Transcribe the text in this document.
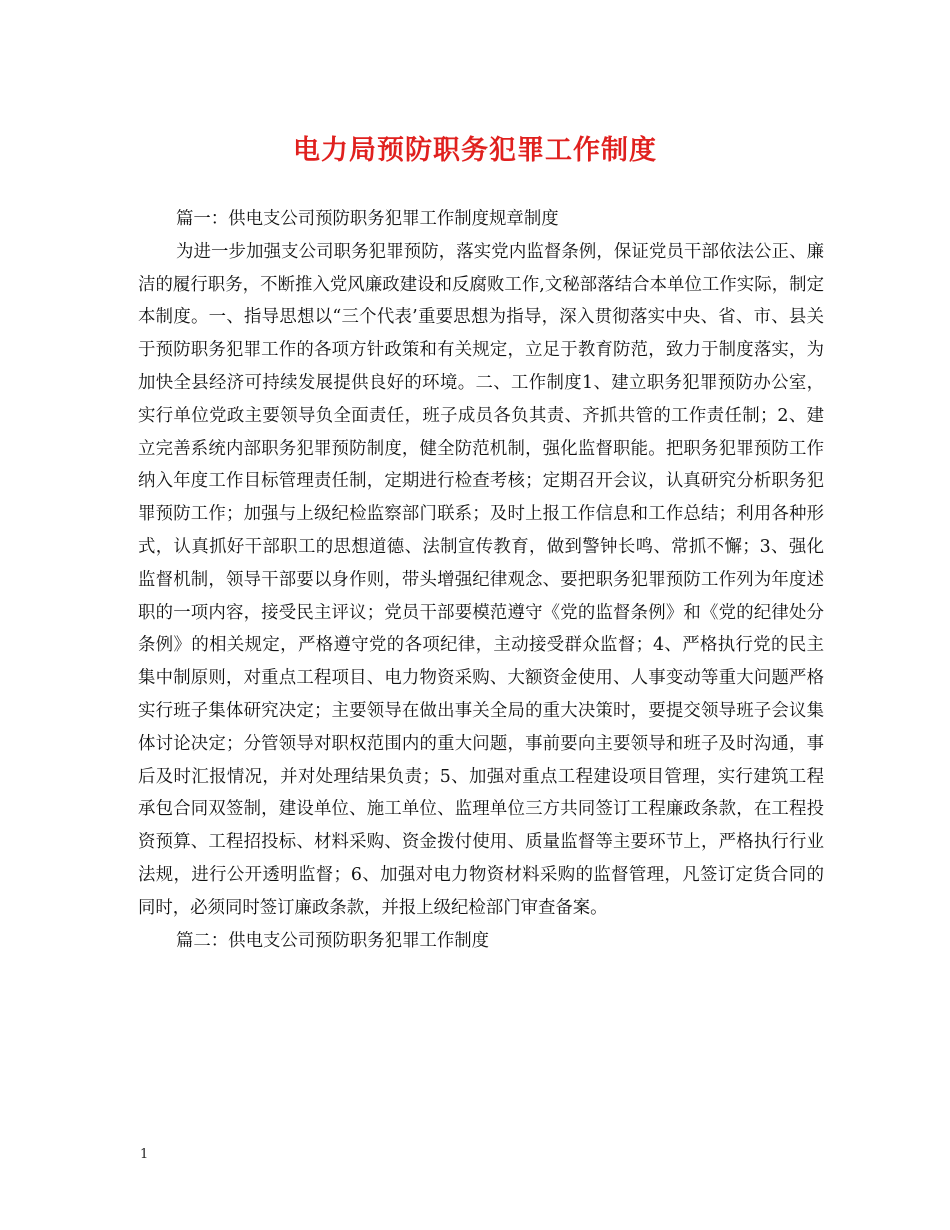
电力局预防职务犯罪工作制度

篇一：供电支公司预防职务犯罪工作制度规章制度

为进一步加强支公司职务犯罪预防，落实党内监督条例，保证党员干部依法公正、廉洁的履行职务，不断推入党风廉政建设和反腐败工作,文秘部落结合本单位工作实际，制定本制度。一、指导思想以“三个代表’重要思想为指导，深入贯彻落实中央、省、市、县关于预防职务犯罪工作的各项方针政策和有关规定，立足于教育防范，致力于制度落实，为加快全县经济可持续发展提供良好的环境。二、工作制度1、建立职务犯罪预防办公室，实行单位党政主要领导负全面责任，班子成员各负其责、齐抓共管的工作责任制；2、建立完善系统内部职务犯罪预防制度，健全防范机制，强化监督职能。把职务犯罪预防工作纳入年度工作目标管理责任制，定期进行检查考核；定期召开会议，认真研究分析职务犯罪预防工作；加强与上级纪检监察部门联系；及时上报工作信息和工作总结；利用各种形式，认真抓好干部职工的思想道德、法制宣传教育，做到警钟长鸣、常抓不懈；3、强化监督机制，领导干部要以身作则，带头增强纪律观念、要把职务犯罪预防工作列为年度述职的一项内容，接受民主评议；党员干部要模范遵守《党的监督条例》和《党的纪律处分条例》的相关规定，严格遵守党的各项纪律，主动接受群众监督；4、严格执行党的民主集中制原则，对重点工程项目、电力物资采购、大额资金使用、人事变动等重大问题严格实行班子集体研究决定；主要领导在做出事关全局的重大决策时，要提交领导班子会议集体讨论决定；分管领导对职权范围内的重大问题，事前要向主要领导和班子及时沟通，事后及时汇报情况，并对处理结果负责；5、加强对重点工程建设项目管理，实行建筑工程承包合同双签制，建设单位、施工单位、监理单位三方共同签订工程廉政条款，在工程投资预算、工程招投标、材料采购、资金拨付使用、质量监督等主要环节上，严格执行行业法规，进行公开透明监督；6、加强对电力物资材料采购的监督管理，凡签订定货合同的同时，必须同时签订廉政条款，并报上级纪检部门审查备案。

篇二：供电支公司预防职务犯罪工作制度

1
